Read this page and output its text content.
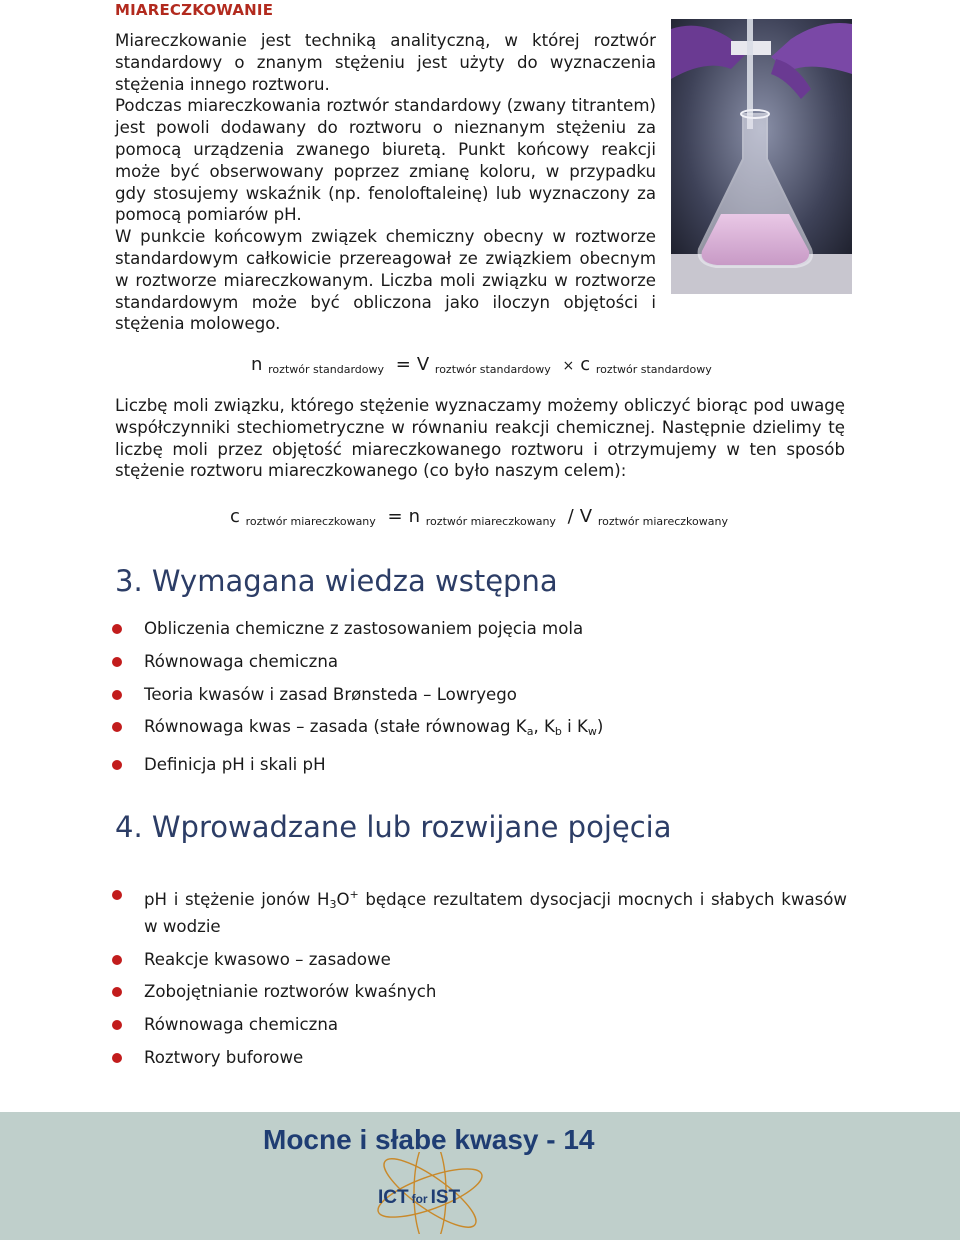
MIARECZKOWANIE

Miareczkowanie jest techniką analityczną, w której roztwór standardowy o znanym stężeniu jest użyty do wyznaczenia stężenia innego roztworu.

Podczas miareczkowania roztwór standardowy (zwany titrantem) jest powoli dodawany do roztworu o nieznanym stężeniu za pomocą urządzenia zwanego biuretą. Punkt końcowy reakcji może być obserwowany poprzez zmianę koloru, w przypadku gdy stosujemy wskaźnik (np. fenoloftaleinę) lub wyznaczony za pomocą pomiarów pH.

W punkcie końcowym związek chemiczny obecny w roztworze standardowym całkowicie przereagował ze związkiem obecnym w roztworze miareczkowanym. Liczba moli związku w roztworze standardowym może być obliczona jako iloczyn objętości i stężenia molowego.

n roztwór standardowy = V roztwór standardowy × c roztwór standardowy

Liczbę moli związku, którego stężenie wyznaczamy możemy obliczyć biorąc pod uwagę współczynniki stechiometryczne w równaniu reakcji chemicznej. Następnie dzielimy tę liczbę moli przez objętość miareczkowanego roztworu i otrzymujemy w ten sposób stężenie roztworu miareczkowanego (co było naszym celem):

c roztwór miareczkowany = n roztwór miareczkowany / V roztwór miareczkowany
3. Wymagana wiedza wstępna
Obliczenia chemiczne z zastosowaniem pojęcia mola
Równowaga chemiczna
Teoria kwasów i zasad Brønsteda – Lowryego
Równowaga kwas – zasada (stałe równowag Ka, Kb i Kw)
Definicja pH i skali pH
4. Wprowadzane lub rozwijane pojęcia
pH i stężenie jonów H3O+ będące rezultatem dysocjacji mocnych i słabych kwasów w wodzie
Reakcje kwasowo – zasadowe
Zobojętnianie roztworów kwaśnych
Równowaga chemiczna
Roztwory buforowe
Mocne i słabe kwasy - 14
ICT for IST
